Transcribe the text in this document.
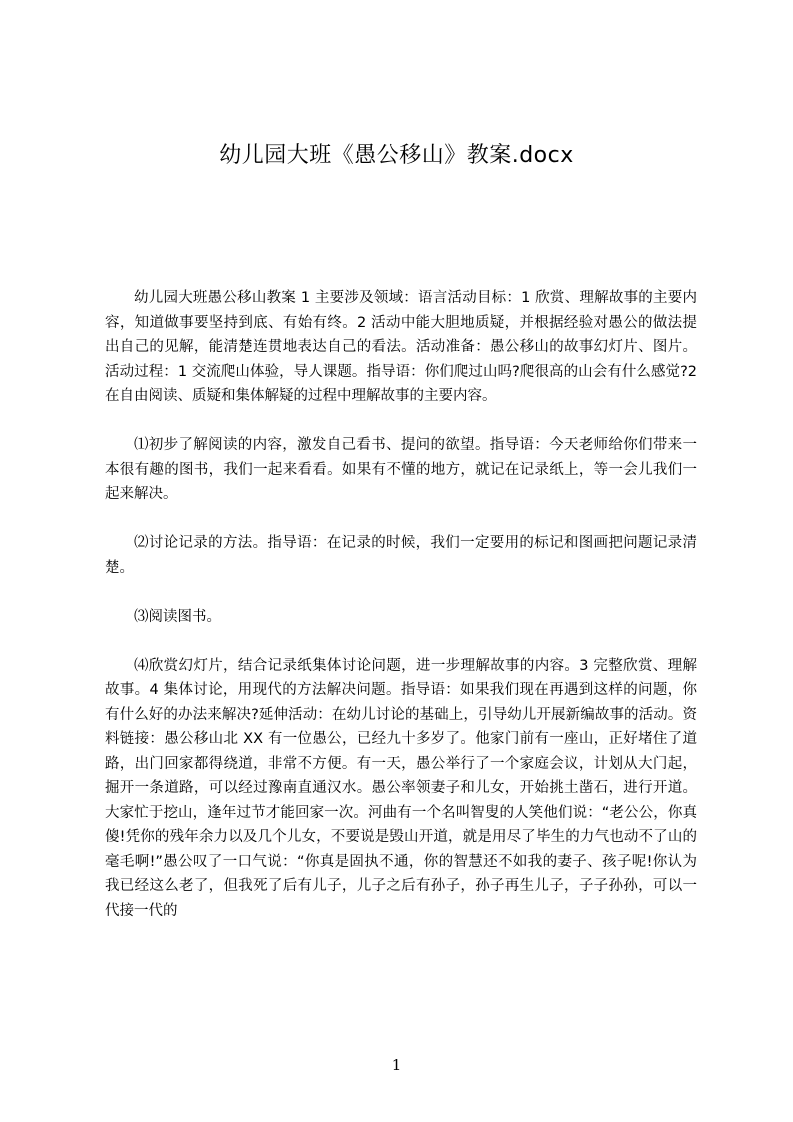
幼儿园大班《愚公移山》教案.docx

幼儿园大班愚公移山教案 1 主要涉及领域：语言活动目标：1 欣赏、理解故事的主要内容，知道做事要坚持到底、有始有终。2 活动中能大胆地质疑，并根据经验对愚公的做法提出自己的见解，能清楚连贯地表达自己的看法。活动准备：愚公移山的故事幻灯片、图片。活动过程：1 交流爬山体验，导人课题。指导语：你们爬过山吗?爬很高的山会有什么感觉?2 在自由阅读、质疑和集体解疑的过程中理解故事的主要内容。

⑴初步了解阅读的内容，激发自己看书、提问的欲望。指导语：今天老师给你们带来一本很有趣的图书，我们一起来看看。如果有不懂的地方，就记在记录纸上，等一会儿我们一起来解决。

⑵讨论记录的方法。指导语：在记录的时候，我们一定要用的标记和图画把问题记录清楚。

⑶阅读图书。

⑷欣赏幻灯片，结合记录纸集体讨论问题，进一步理解故事的内容。3 完整欣赏、理解故事。4 集体讨论，用现代的方法解决问题。指导语：如果我们现在再遇到这样的问题，你有什么好的办法来解决?延伸活动：在幼儿讨论的基础上，引导幼儿开展新编故事的活动。资料链接：愚公移山北 XX 有一位愚公，已经九十多岁了。他家门前有一座山，正好堵住了道路，出门回家都得绕道，非常不方便。有一天，愚公举行了一个家庭会议，计划从大门起，掘开一条道路，可以经过豫南直通汉水。愚公率领妻子和儿女，开始挑土凿石，进行开道。大家忙于挖山，逢年过节才能回家一次。河曲有一个名叫智叟的人笑他们说：“老公公，你真傻!凭你的残年余力以及几个儿女，不要说是毁山开道，就是用尽了毕生的力气也动不了山的毫毛啊!”愚公叹了一口气说：“你真是固执不通，你的智慧还不如我的妻子、孩子呢!你认为我已经这么老了，但我死了后有儿子，儿子之后有孙子，孙子再生儿子，子子孙孙，可以一代接一代的

1
